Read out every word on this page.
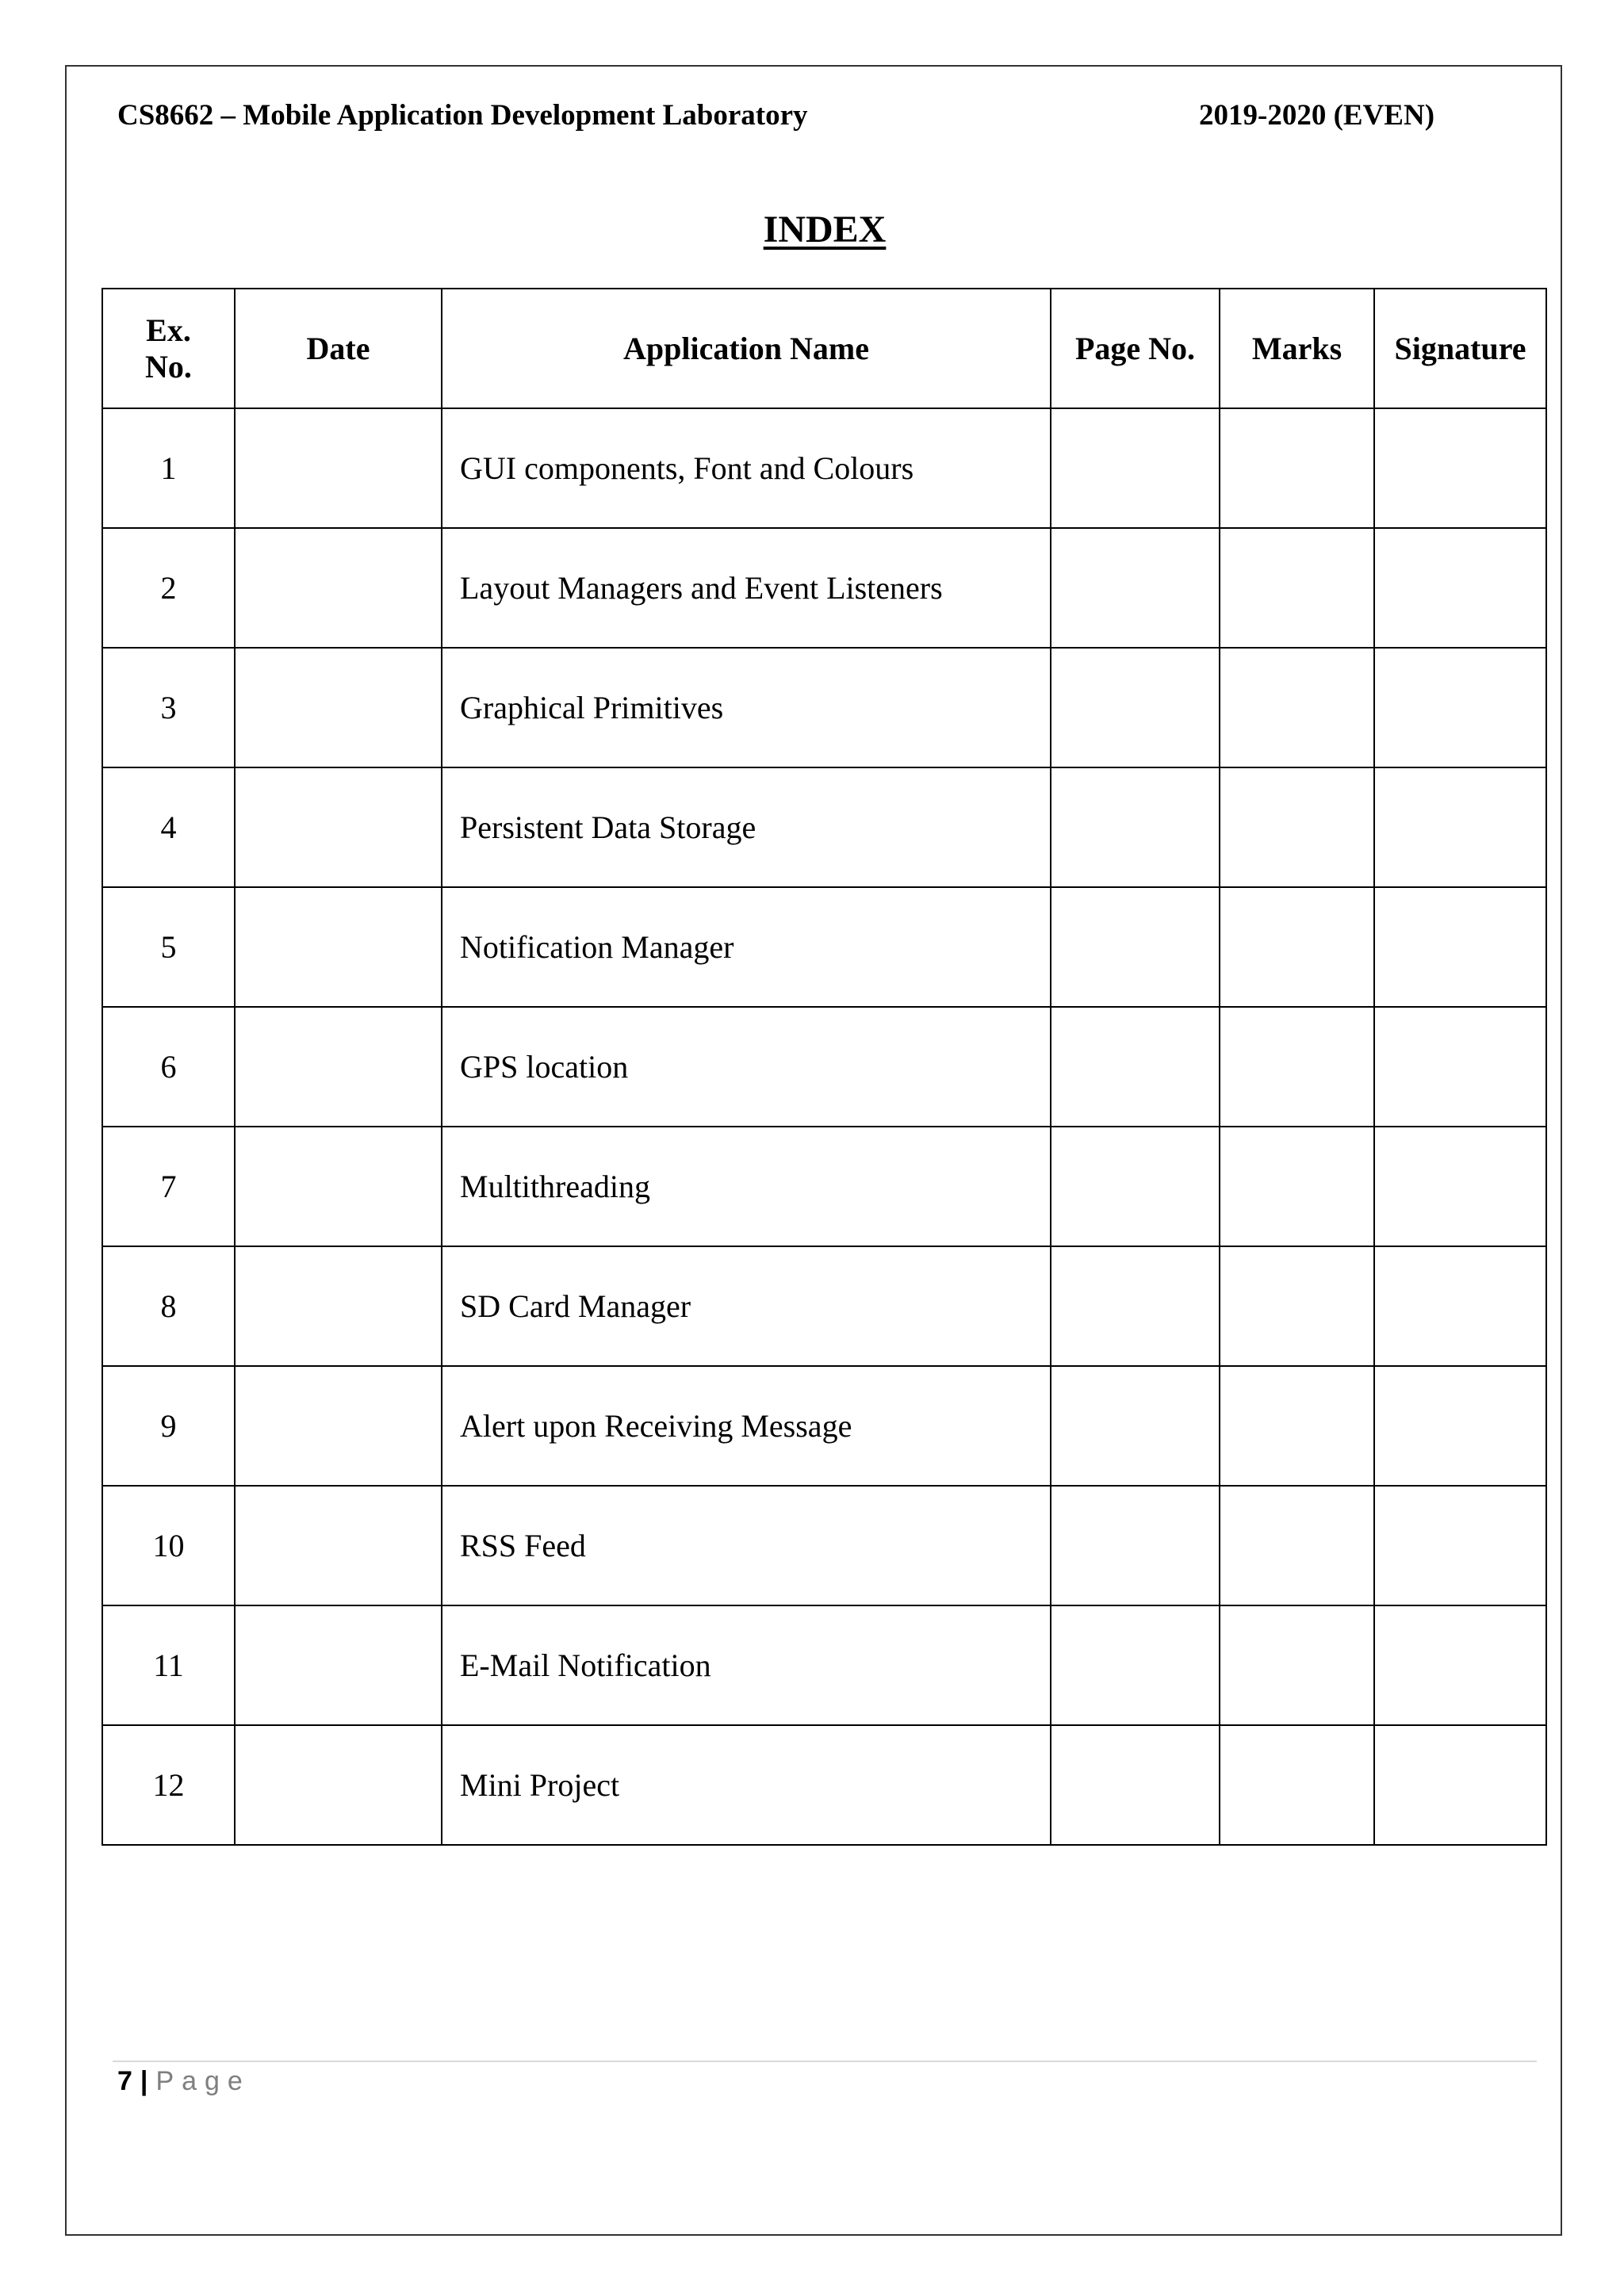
CS8662 – Mobile Application Development Laboratory	2019-2020 (EVEN)
INDEX
Ex.
No.	Date	Application Name	Page No.	Marks	Signature
1		GUI components, Font and Colours			
2		Layout Managers and Event Listeners			
3		Graphical Primitives			
4		Persistent Data Storage			
5		Notification Manager			
6		GPS location			
7		Multithreading			
8		SD Card Manager			
9		Alert upon Receiving Message			
10		RSS Feed			
11		E-Mail Notification			
12		Mini Project			
7 | Page
